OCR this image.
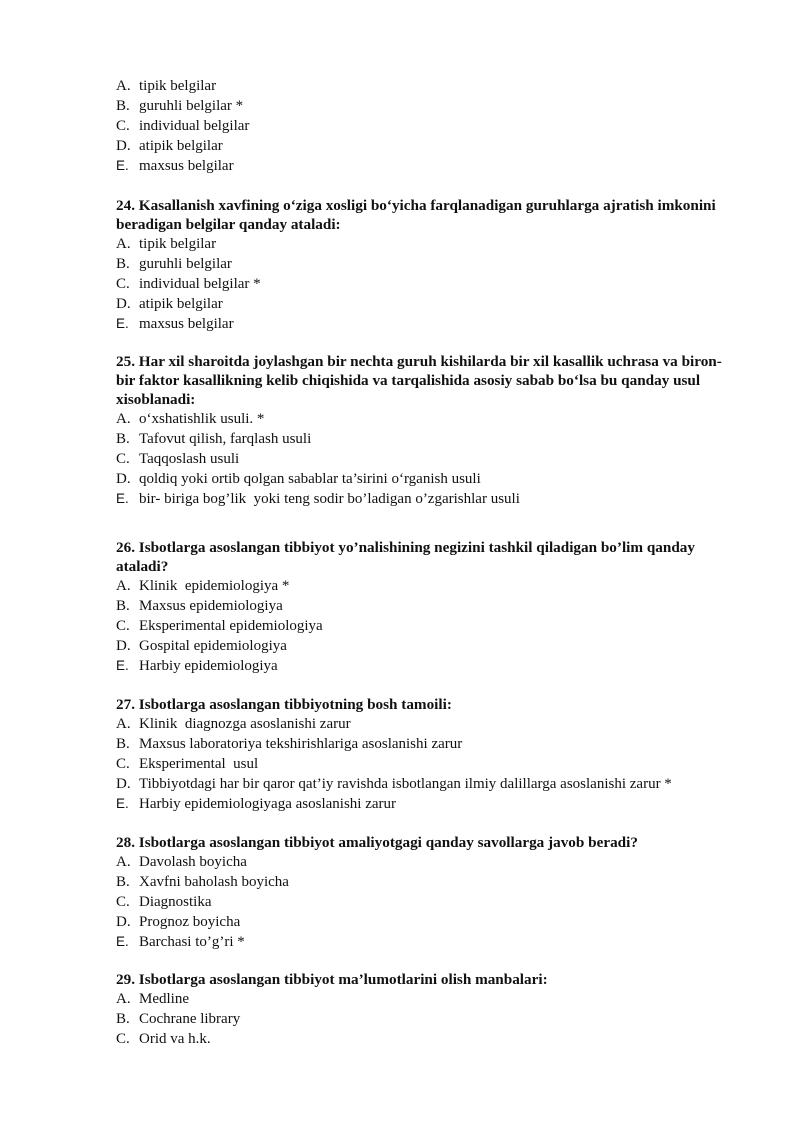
A. tipik belgilar
B. guruhli belgilar *
C. individual belgilar
D. atipik belgilar
E. maxsus belgilar
24. Kasallanish xavfining o‘ziga xosligi bo‘yicha farqlanadigan guruhlarga ajratish imkonini beradigan belgilar qanday ataladi:
A. tipik belgilar
B. guruhli belgilar
C. individual belgilar *
D. atipik belgilar
E. maxsus belgilar
25. Har xil sharoitda joylashgan bir nechta guruh kishilarda bir xil kasallik uchrasa va biron-bir faktor kasallikning kelib chiqishida va tarqalishida asosiy sabab bo‘lsa bu qanday usul xisoblanadi:
A. o‘xshatishlik usuli. *
B. Tafovut qilish, farqlash usuli
C. Taqqoslash usuli
D. qoldiq yoki ortib qolgan sabablar ta’sirini o‘rganish usuli
E. bir- biriga bog’lik  yoki teng sodir bo’ladigan o’zgarishlar usuli
26. Isbotlarga asoslangan tibbiyot yo’nalishining negizini tashkil qiladigan bo’lim qanday ataladi?
A. Klinik  epidemiologiya *
B. Maxsus epidemiologiya
C. Eksperimental epidemiologiya
D. Gospital epidemiologiya
E. Harbiy epidemiologiya
27. Isbotlarga asoslangan tibbiyotning bosh tamoili:
A. Klinik  diagnozga asoslanishi zarur
B. Maxsus laboratoriya tekshirishlariga asoslanishi zarur
C. Eksperimental  usul
D. Tibbiyotdagi har bir qaror qat’iy ravishda isbotlangan ilmiy dalillarga asoslanishi zarur *
E. Harbiy epidemiologiyaga asoslanishi zarur
28. Isbotlarga asoslangan tibbiyot amaliyotgagi qanday savollarga javob beradi?
A. Davolash boyicha
B. Xavfni baholash boyicha
C. Diagnostika
D. Prognoz boyicha
E. Barchasi to’g’ri *
29. Isbotlarga asoslangan tibbiyot ma’lumotlarini olish manbalari:
A. Medline
B. Cochrane library
C. Orid va h.k.
